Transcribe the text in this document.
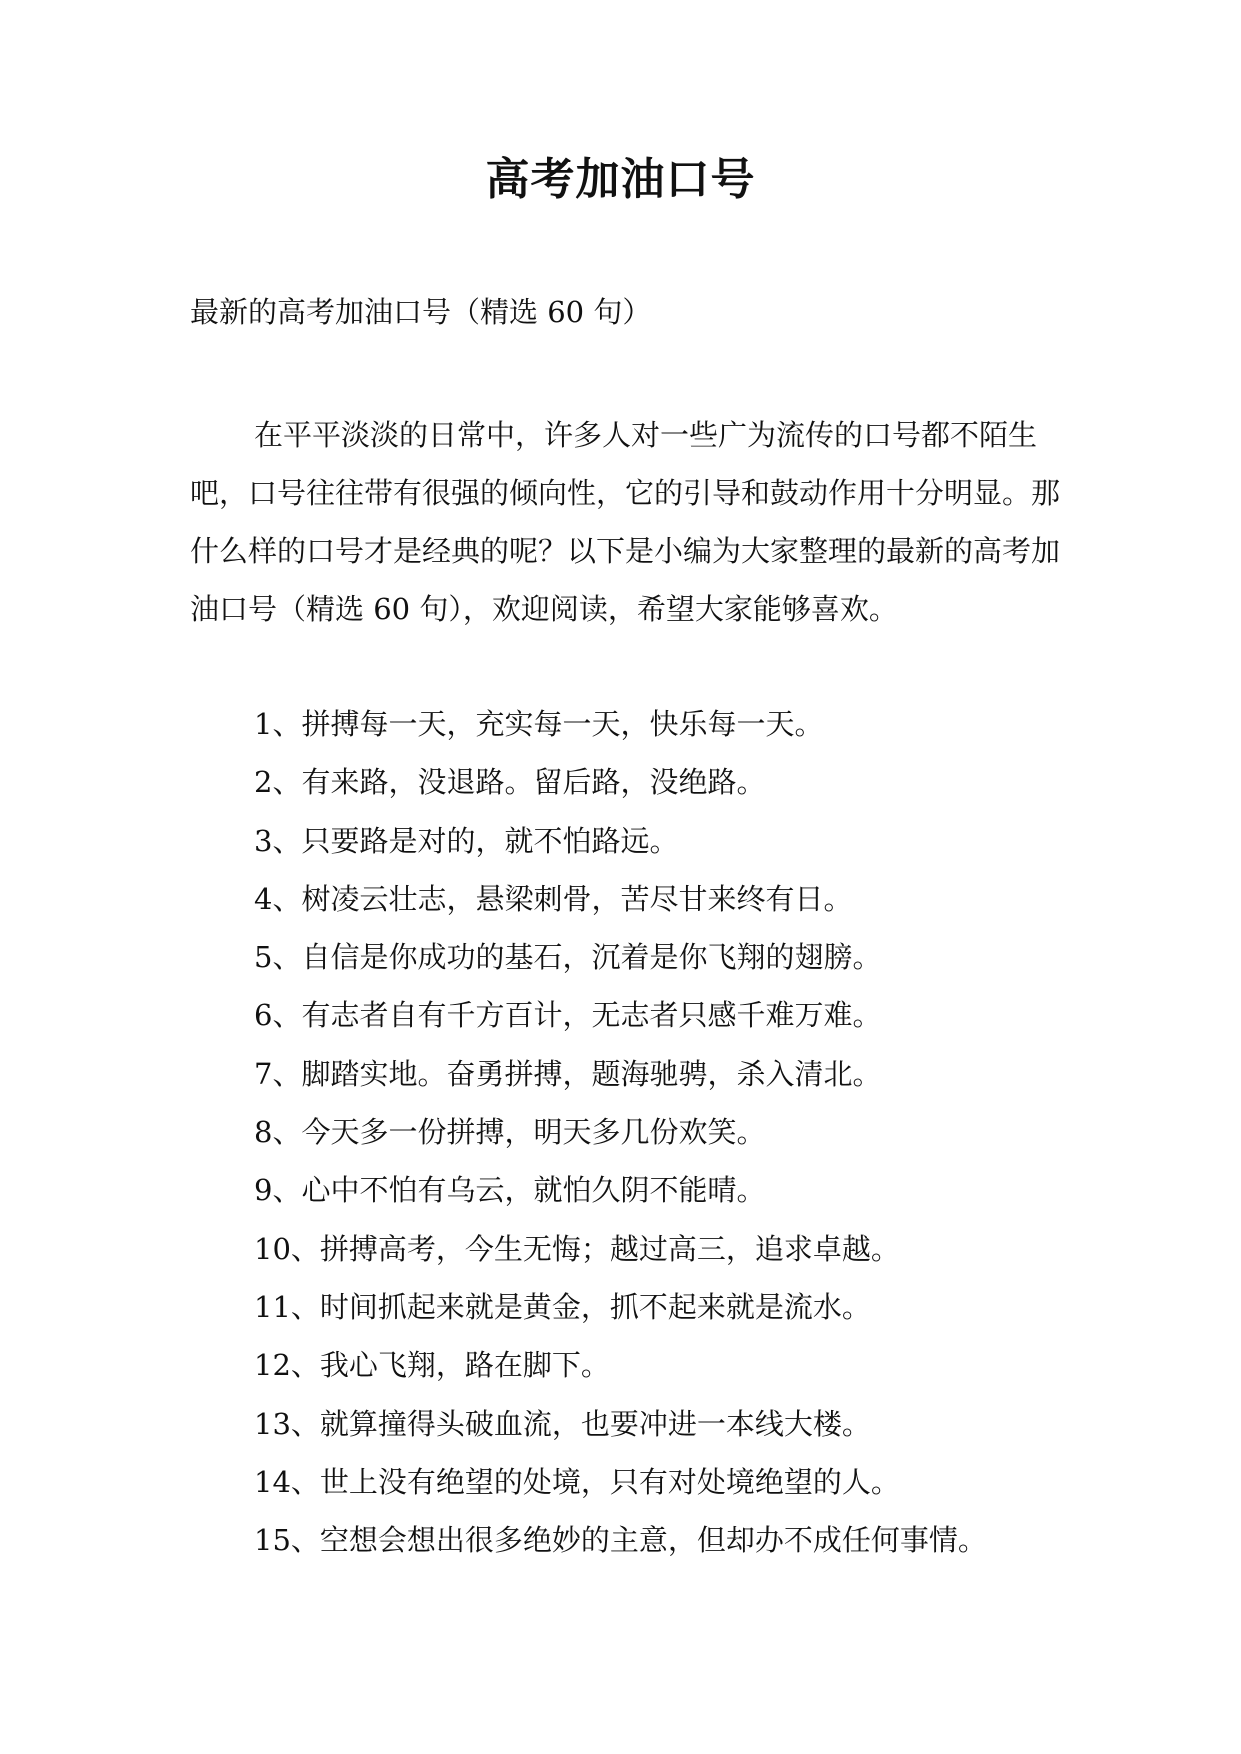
高考加油口号
最新的高考加油口号（精选 60 句）

在平平淡淡的日常中，许多人对一些广为流传的口号都不陌生吧，口号往往带有很强的倾向性，它的引导和鼓动作用十分明显。那什么样的口号才是经典的呢？以下是小编为大家整理的最新的高考加油口号（精选 60 句），欢迎阅读，希望大家能够喜欢。

1、拼搏每一天，充实每一天，快乐每一天。
2、有来路，没退路。留后路，没绝路。
3、只要路是对的，就不怕路远。
4、树凌云壮志，悬梁刺骨，苦尽甘来终有日。
5、自信是你成功的基石，沉着是你飞翔的翅膀。
6、有志者自有千方百计，无志者只感千难万难。
7、脚踏实地。奋勇拼搏，题海驰骋，杀入清北。
8、今天多一份拼搏，明天多几份欢笑。
9、心中不怕有乌云，就怕久阴不能晴。
10、拼搏高考，今生无悔；越过高三，追求卓越。
11、时间抓起来就是黄金，抓不起来就是流水。
12、我心飞翔，路在脚下。
13、就算撞得头破血流，也要冲进一本线大楼。
14、世上没有绝望的处境，只有对处境绝望的人。
15、空想会想出很多绝妙的主意，但却办不成任何事情。
